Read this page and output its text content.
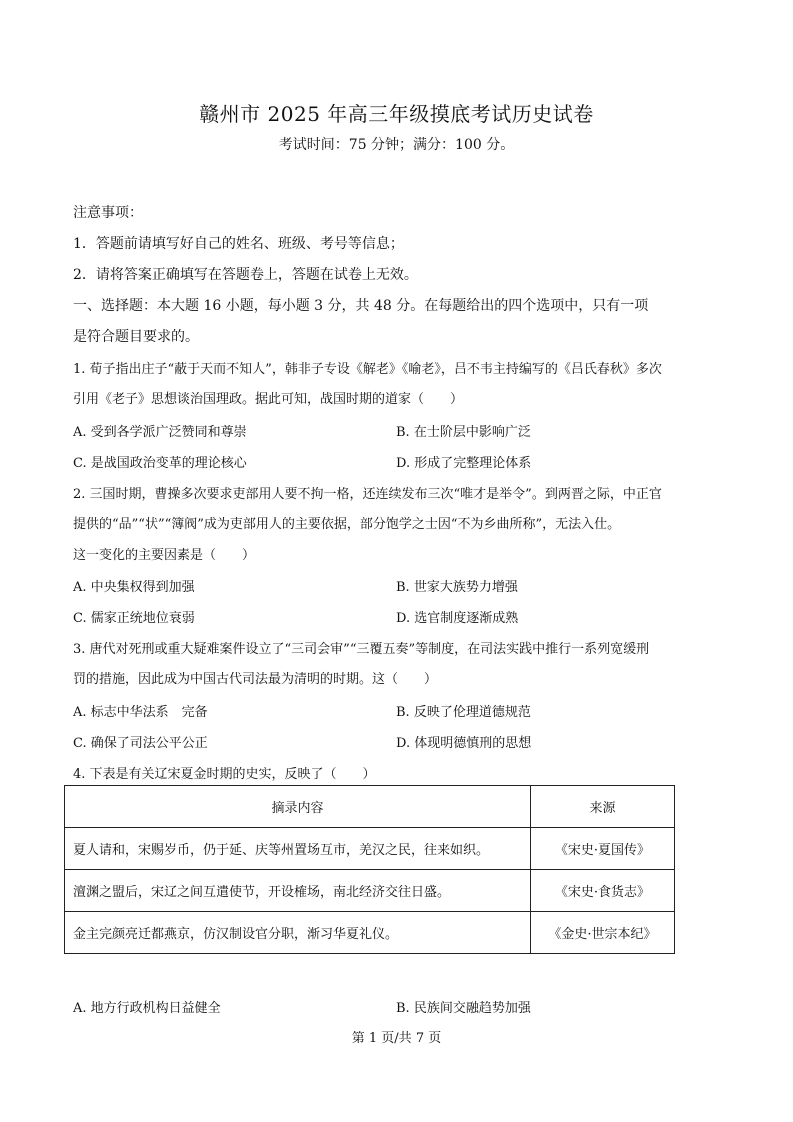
赣州市 2025 年高三年级摸底考试历史试卷
考试时间：75 分钟；满分：100 分。
注意事项：
1．答题前请填写好自己的姓名、班级、考号等信息；
2．请将答案正确填写在答题卷上，答题在试卷上无效。
一、选择题：本大题 16 小题，每小题 3 分，共 48 分。在每题给出的四个选项中，只有一项
是符合题目要求的。
1. 荀子指出庄子“蔽于天而不知人”，韩非子专设《解老》《喻老》，吕不韦主持编写的《吕氏春秋》多次
引用《老子》思想谈治国理政。据此可知，战国时期的道家（　　）
A. 受到各学派广泛赞同和尊崇	B. 在士阶层中影响广泛
C. 是战国政治变革的理论核心	D. 形成了完整理论体系
2. 三国时期，曹操多次要求吏部用人要不拘一格，还连续发布三次“唯才是举令”。到两晋之际，中正官
提供的“品”“状”“簿阀”成为吏部用人的主要依据，部分饱学之士因“不为乡曲所称”，无法入仕。
这一变化的主要因素是（　　）
A. 中央集权得到加强	B. 世家大族势力增强
C. 儒家正统地位衰弱	D. 选官制度逐渐成熟
3. 唐代对死刑或重大疑难案件设立了“三司会审”“三覆五奏”等制度，在司法实践中推行一系列宽缓刑
罚的措施，因此成为中国古代司法最为清明的时期。这（　　）
A. 标志中华法系　完备	B. 反映了伦理道德规范
C. 确保了司法公平公正	D. 体现明德慎刑的思想
4. 下表是有关辽宋夏金时期的史实，反映了（　　）
摘录内容	来源
夏人请和，宋赐岁币，仍于延、庆等州置场互市，羌汉之民，往来如织。	《宋史·夏国传》
澶渊之盟后，宋辽之间互遣使节，开设榷场，南北经济交往日盛。	《宋史·食货志》
金主完颜亮迁都燕京，仿汉制设官分职，渐习华夏礼仪。	《金史·世宗本纪》
A. 地方行政机构日益健全	B. 民族间交融趋势加强
第 1 页/共 7 页
